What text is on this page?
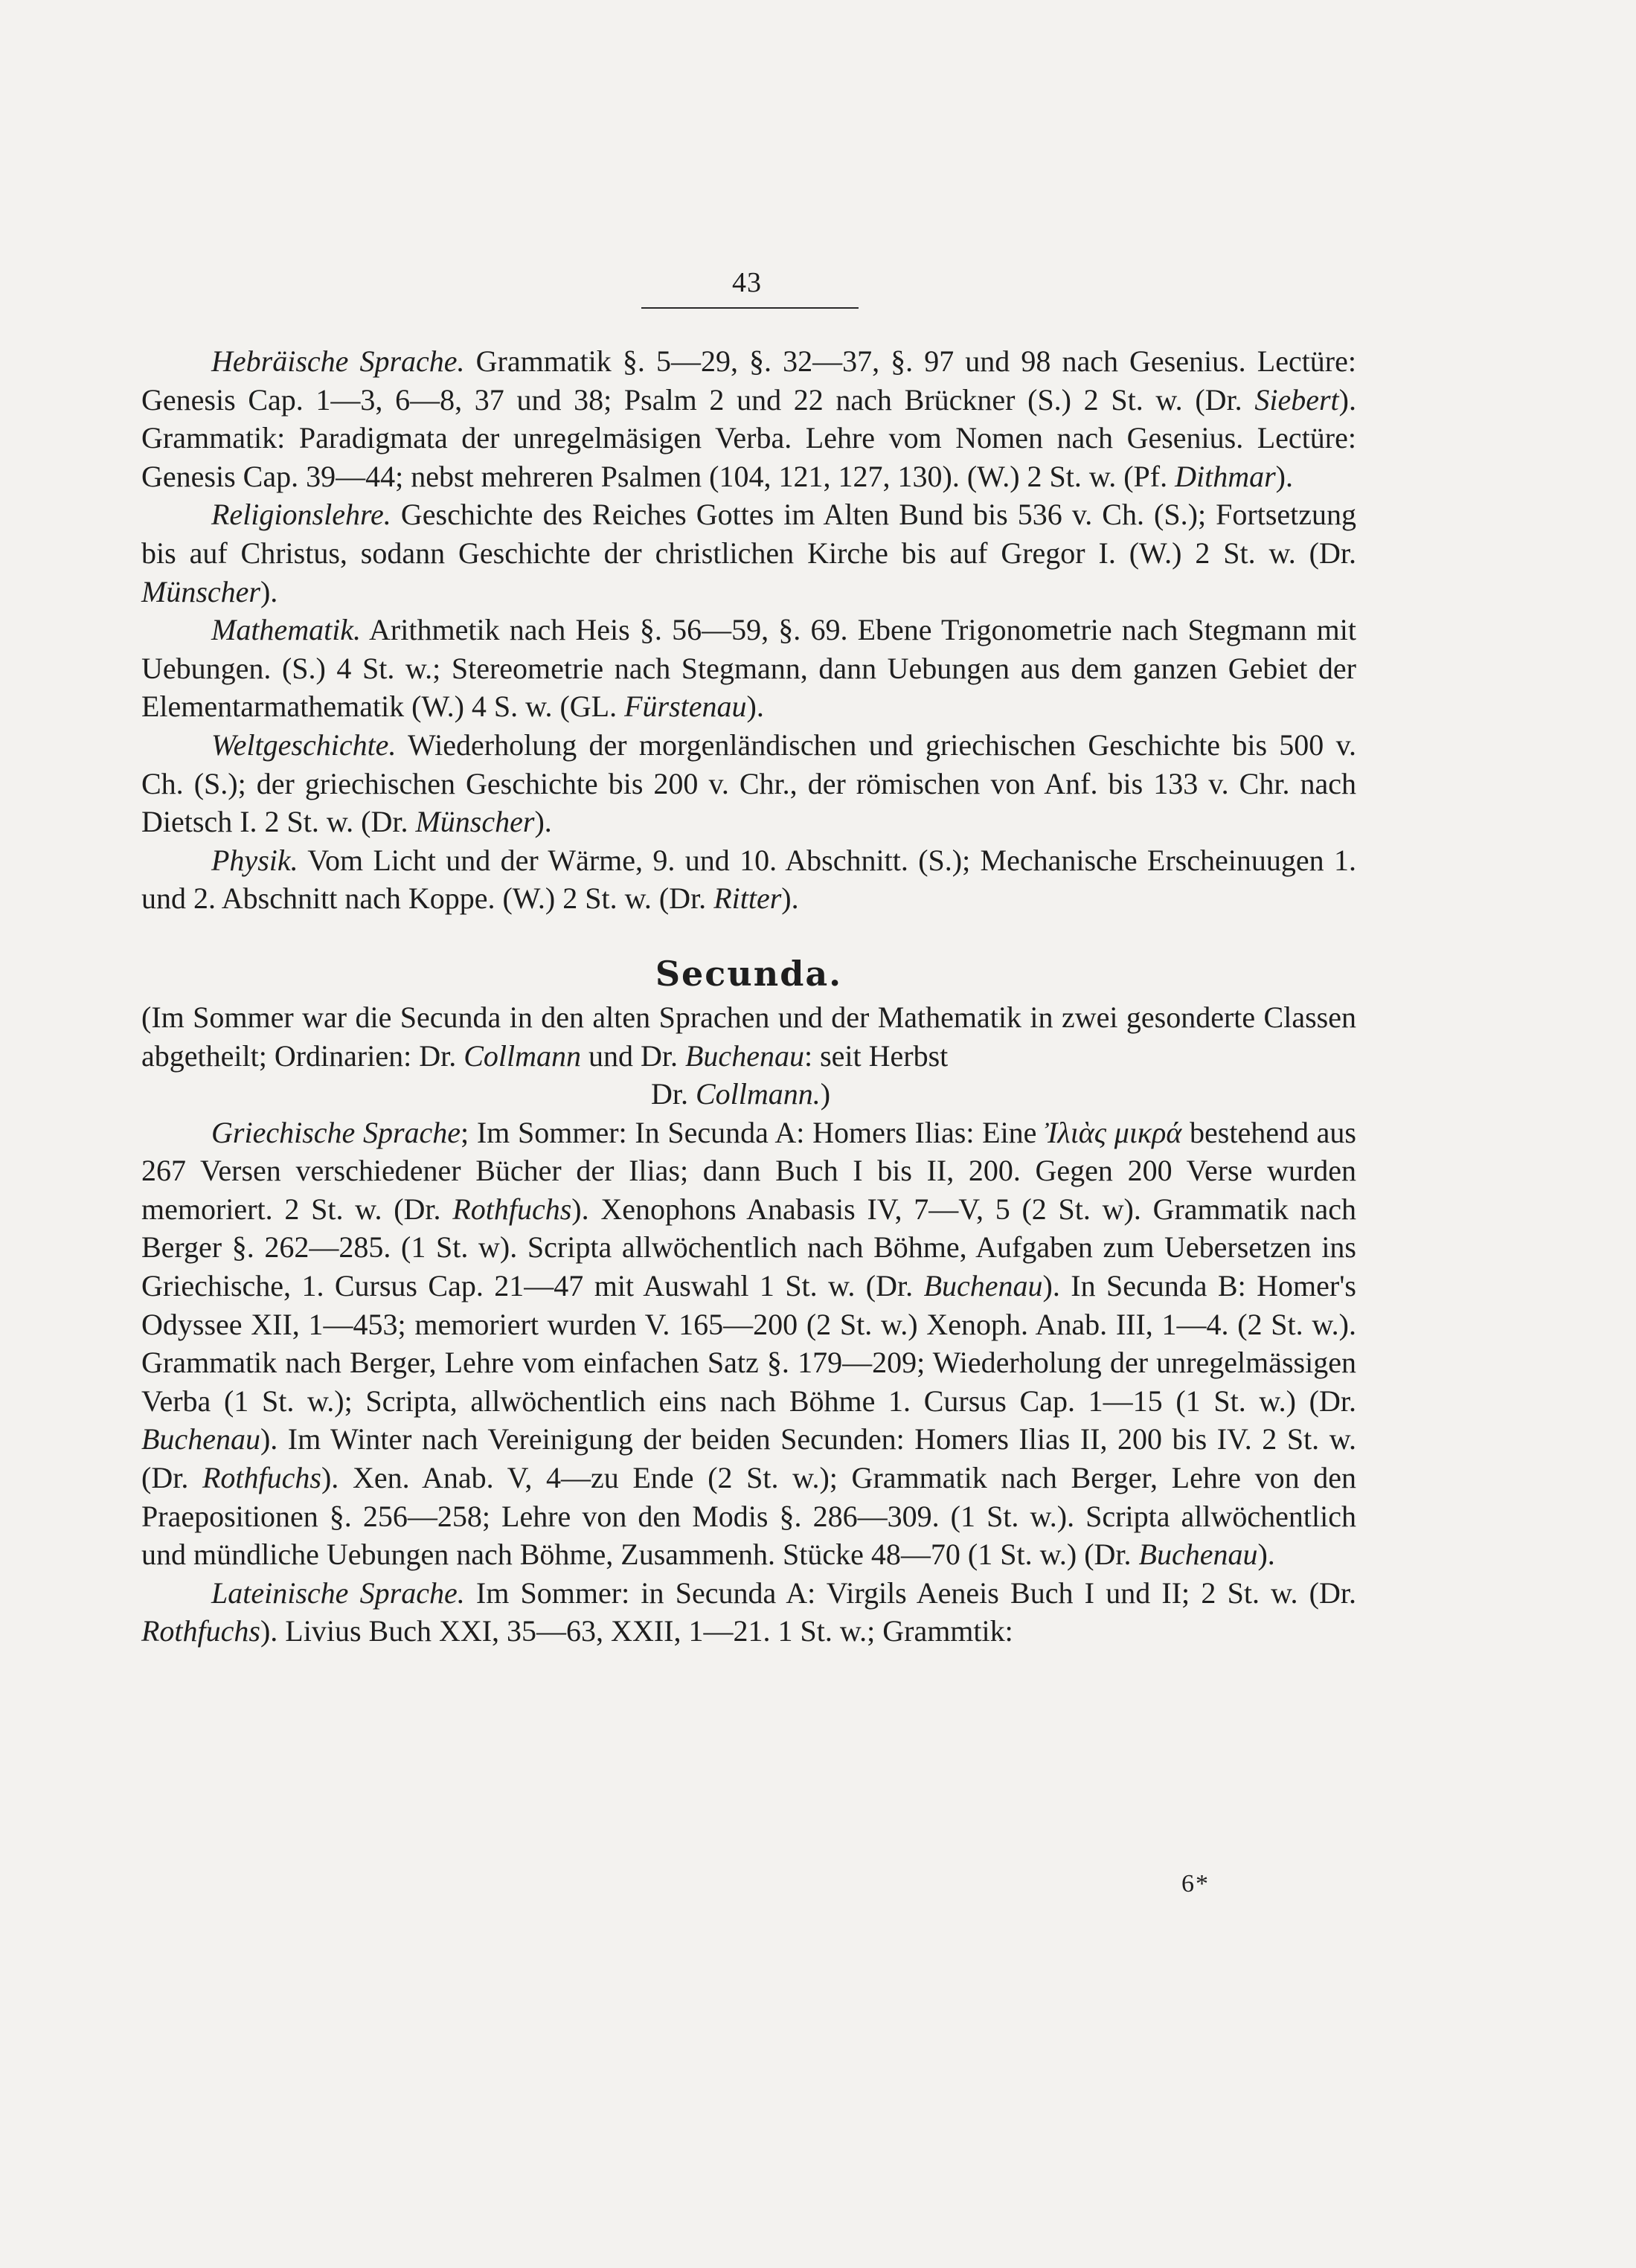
43

Hebräische Sprache. Grammatik §. 5—29, §. 32—37, §. 97 und 98 nach Gesenius. Lectüre: Genesis Cap. 1—3, 6—8, 37 und 38; Psalm 2 und 22 nach Brückner (S.) 2 St. w. (Dr. Siebert). Grammatik: Paradigmata der unregelmäsigen Verba. Lehre vom Nomen nach Gesenius. Lectüre: Genesis Cap. 39—44; nebst mehreren Psalmen (104, 121, 127, 130). (W.) 2 St. w. (Pf. Dithmar).

Religionslehre. Geschichte des Reiches Gottes im Alten Bund bis 536 v. Ch. (S.); Fortsetzung bis auf Christus, sodann Geschichte der christlichen Kirche bis auf Gregor I. (W.) 2 St. w. (Dr. Münscher).

Mathematik. Arithmetik nach Heis §. 56—59, §. 69. Ebene Trigonometrie nach Stegmann mit Uebungen. (S.) 4 St. w.; Stereometrie nach Stegmann, dann Uebungen aus dem ganzen Gebiet der Elementarmathematik (W.) 4 S. w. (GL. Fürstenau).

Weltgeschichte. Wiederholung der morgenländischen und griechischen Geschichte bis 500 v. Ch. (S.); der griechischen Geschichte bis 200 v. Chr., der römischen von Anf. bis 133 v. Chr. nach Dietsch I. 2 St. w. (Dr. Münscher).

Physik. Vom Licht und der Wärme, 9. und 10. Abschnitt. (S.); Mechanische Erscheinuugen 1. und 2. Abschnitt nach Koppe. (W.) 2 St. w. (Dr. Ritter).

Secunda.

(Im Sommer war die Secunda in den alten Sprachen und der Mathematik in zwei gesonderte Classen abgetheilt; Ordinarien: Dr. Collmann und Dr. Buchenau: seit Herbst
Dr. Collmann.)

Griechische Sprache; Im Sommer: In Secunda A: Homers Ilias: Eine Ἰλιὰς μικρά bestehend aus 267 Versen verschiedener Bücher der Ilias; dann Buch I bis II, 200. Gegen 200 Verse wurden memoriert. 2 St. w. (Dr. Rothfuchs). Xenophons Anabasis IV, 7—V, 5 (2 St. w). Grammatik nach Berger §. 262—285. (1 St. w). Scripta allwöchentlich nach Böhme, Aufgaben zum Uebersetzen ins Griechische, 1. Cursus Cap. 21—47 mit Auswahl 1 St. w. (Dr. Buchenau). In Secunda B: Homer's Odyssee XII, 1—453; memoriert wurden V. 165—200 (2 St. w.) Xenoph. Anab. III, 1—4. (2 St. w.). Grammatik nach Berger, Lehre vom einfachen Satz §. 179—209; Wiederholung der unregelmässigen Verba (1 St. w.); Scripta, allwöchentlich eins nach Böhme 1. Cursus Cap. 1—15 (1 St. w.) (Dr. Buchenau). Im Winter nach Vereinigung der beiden Secunden: Homers Ilias II, 200 bis IV. 2 St. w. (Dr. Rothfuchs). Xen. Anab. V, 4—zu Ende (2 St. w.); Grammatik nach Berger, Lehre von den Praepositionen §. 256—258; Lehre von den Modis §. 286—309. (1 St. w.). Scripta allwöchentlich und mündliche Uebungen nach Böhme, Zusammenh. Stücke 48—70 (1 St. w.) (Dr. Buchenau).

Lateinische Sprache. Im Sommer: in Secunda A: Virgils Aeneis Buch I und II; 2 St. w. (Dr. Rothfuchs). Livius Buch XXI, 35—63, XXII, 1—21. 1 St. w.; Grammtik:

6*
